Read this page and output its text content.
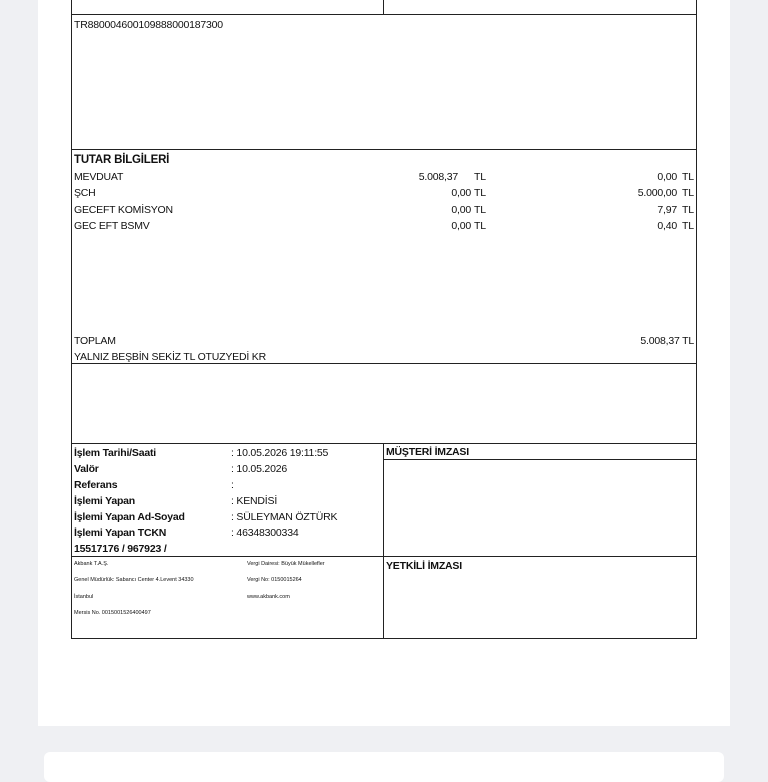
TR880004600109888000187300
TUTAR BİLGİLERİ
MEVDUAT	5.008,37 TL	0,00 TL
ŞCH	0,00 TL	5.000,00 TL
GECEFT KOMİSYON	0,00 TL	7,97 TL
GEC EFT BSMV	0,00 TL	0,40 TL
TOPLAM	5.008,37 TL
YALNIZ BEŞBİN SEKİZ TL OTUZYEDİ KR
İşlem Tarihi/Saati	: 10.05.2026 19:11:55
Valör	: 10.05.2026
Referans	:
İşlemi Yapan	: KENDİSİ
İşlemi Yapan Ad-Soyad	: SÜLEYMAN ÖZTÜRK
İşlemi Yapan TCKN	: 46348300334
15517176 / 967923 /
MÜŞTERİ İMZASI
YETKİLİ İMZASI
Akbank T.A.Ş.
Genel Müdürlük: Sabancı Center 4.Levent 34330
İstanbul
Mersis No. 0015001526400497
Vergi Dairesi: Büyük Mükellefler
Vergi No: 0150015264
www.akbank.com
